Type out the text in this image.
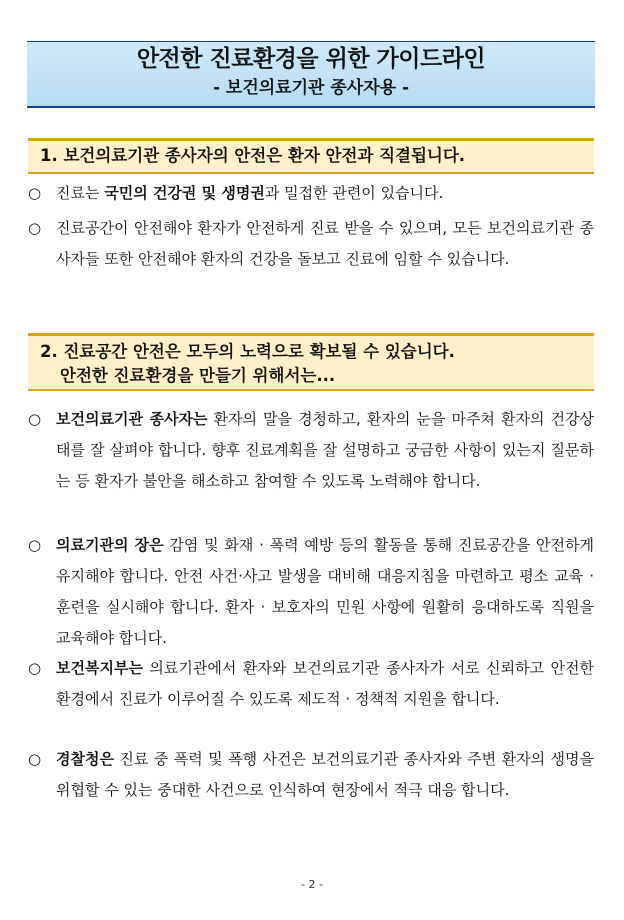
안전한 진료환경을 위한 가이드라인
- 보건의료기관 종사자용 -
1. 보건의료기관 종사자의 안전은 환자 안전과 직결됩니다.
○ 진료는 국민의 건강권 및 생명권과 밀접한 관련이 있습니다.
○ 진료공간이 안전해야 환자가 안전하게 진료 받을 수 있으며, 모든 보건의료기관 종사자들 또한 안전해야 환자의 건강을 돌보고 진료에 임할 수 있습니다.
2. 진료공간 안전은 모두의 노력으로 확보될 수 있습니다.
안전한 진료환경을 만들기 위해서는...
○ 보건의료기관 종사자는 환자의 말을 경청하고, 환자의 눈을 마주쳐 환자의 건강상태를 잘 살펴야 합니다. 향후 진료계획을 잘 설명하고 궁금한 사항이 있는지 질문하는 등 환자가 불안을 해소하고 참여할 수 있도록 노력해야 합니다.
○ 의료기관의 장은 감염 및 화재 · 폭력 예방 등의 활동을 통해 진료공간을 안전하게 유지해야 합니다. 안전 사건·사고 발생을 대비해 대응지침을 마련하고 평소 교육 ·훈련을 실시해야 합니다. 환자 · 보호자의 민원 사항에 원활히 응대하도록 직원을 교육해야 합니다.
○ 보건복지부는 의료기관에서 환자와 보건의료기관 종사자가 서로 신뢰하고 안전한 환경에서 진료가 이루어질 수 있도록 제도적 · 정책적 지원을 합니다.
○ 경찰청은 진료 중 폭력 및 폭행 사건은 보건의료기관 종사자와 주변 환자의 생명을 위협할 수 있는 중대한 사건으로 인식하여 현장에서 적극 대응 합니다.
- 2 -
